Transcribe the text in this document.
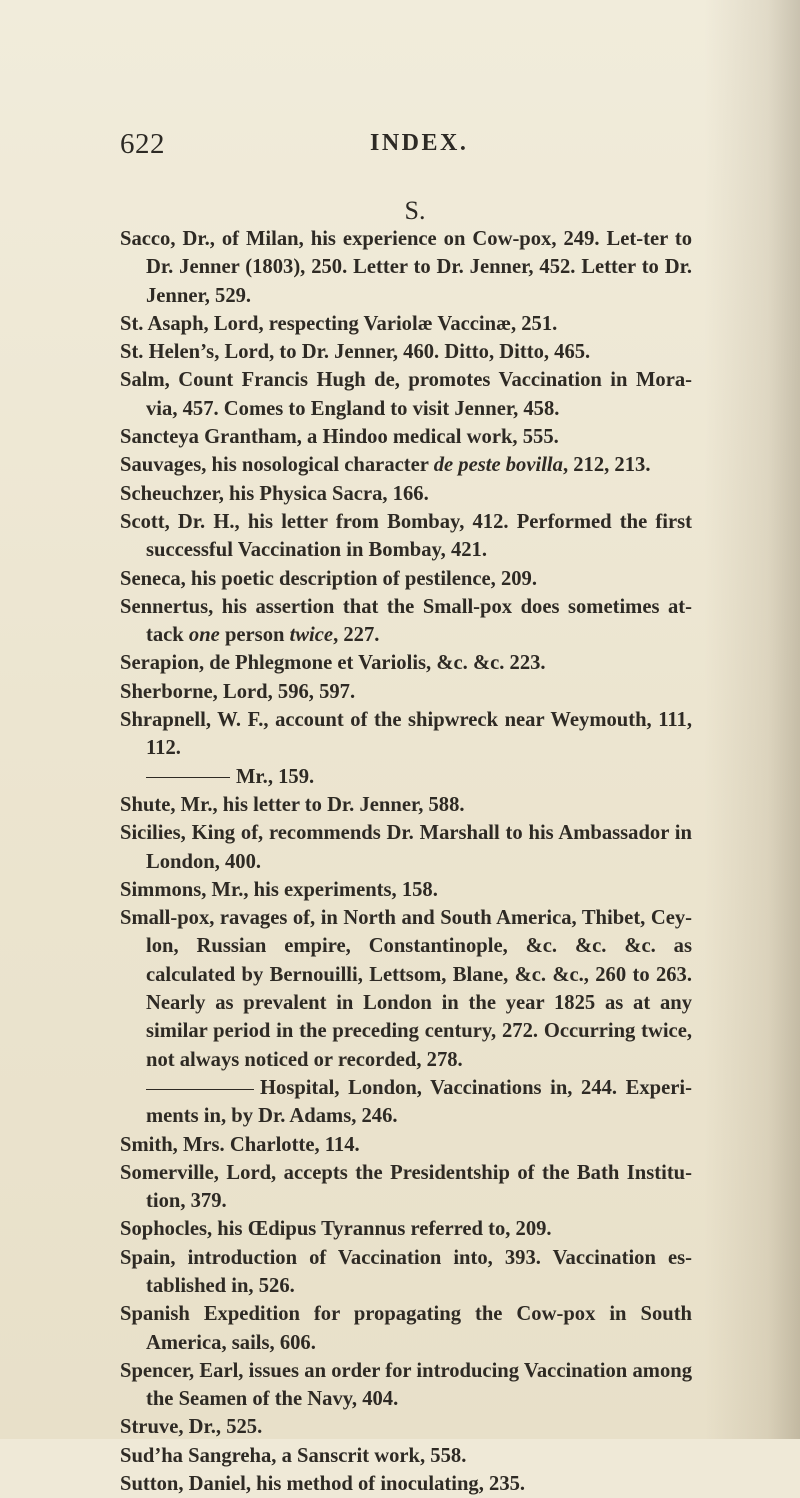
622	INDEX.
S.
Sacco, Dr., of Milan, his experience on Cow-pox, 249. Let-ter to Dr. Jenner (1803), 250. Letter to Dr. Jenner, 452. Letter to Dr. Jenner, 529.
St. Asaph, Lord, respecting Variolæ Vaccinæ, 251.
St. Helen’s, Lord, to Dr. Jenner, 460. Ditto, Ditto, 465.
Salm, Count Francis Hugh de, promotes Vaccination in Mora-via, 457. Comes to England to visit Jenner, 458.
Sancteya Grantham, a Hindoo medical work, 555.
Sauvages, his nosological character de peste bovilla, 212, 213.
Scheuchzer, his Physica Sacra, 166.
Scott, Dr. H., his letter from Bombay, 412. Performed the first successful Vaccination in Bombay, 421.
Seneca, his poetic description of pestilence, 209.
Sennertus, his assertion that the Small-pox does sometimes at-tack one person twice, 227.
Serapion, de Phlegmone et Variolis, &c. &c. 223.
Sherborne, Lord, 596, 597.
Shrapnell, W. F., account of the shipwreck near Weymouth, 111, 112.
Mr., 159.
Shute, Mr., his letter to Dr. Jenner, 588.
Sicilies, King of, recommends Dr. Marshall to his Ambassador in London, 400.
Simmons, Mr., his experiments, 158.
Small-pox, ravages of, in North and South America, Thibet, Cey-lon, Russian empire, Constantinople, &c. &c. &c. as calculated by Bernouilli, Lettsom, Blane, &c. &c., 260 to 263. Nearly as prevalent in London in the year 1825 as at any similar period in the preceding century, 272. Occurring twice, not always noticed or recorded, 278.
Hospital, London, Vaccinations in, 244. Experi-ments in, by Dr. Adams, 246.
Smith, Mrs. Charlotte, 114.
Somerville, Lord, accepts the Presidentship of the Bath Institu-tion, 379.
Sophocles, his Œdipus Tyrannus referred to, 209.
Spain, introduction of Vaccination into, 393. Vaccination es-tablished in, 526.
Spanish Expedition for propagating the Cow-pox in South America, sails, 606.
Spencer, Earl, issues an order for introducing Vaccination among the Seamen of the Navy, 404.
Struve, Dr., 525.
Sud’ha Sangreha, a Sanscrit work, 558.
Sutton, Daniel, his method of inoculating, 235.
